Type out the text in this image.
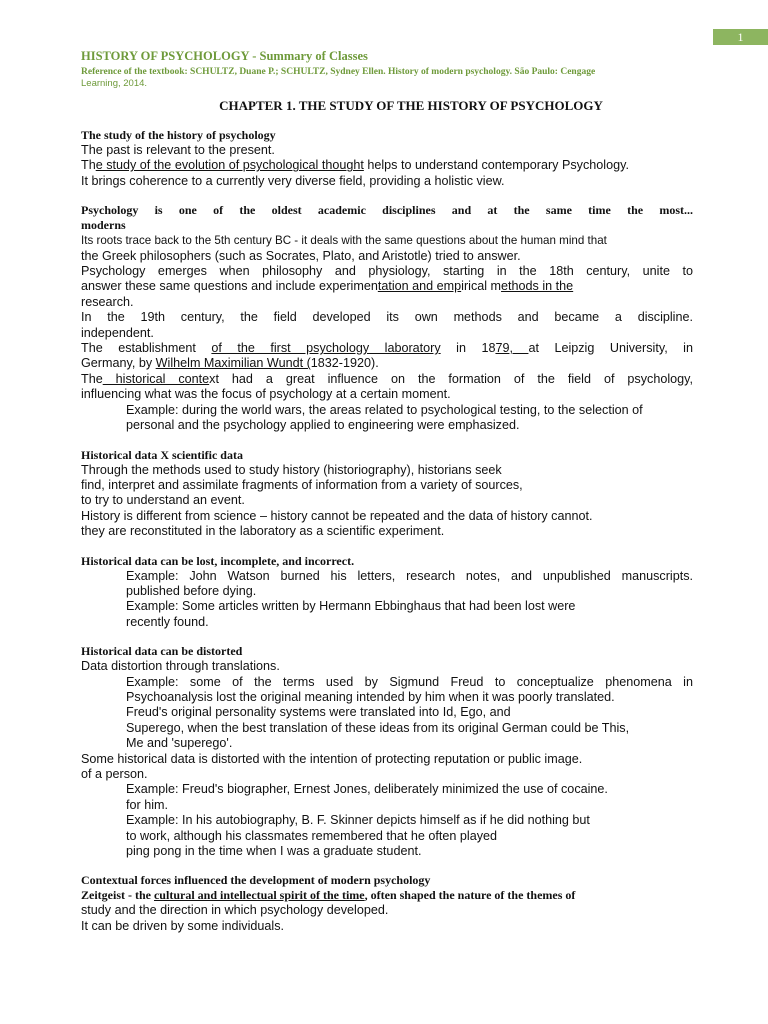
1
HISTORY OF PSYCHOLOGY - Summary of Classes
Reference of the textbook: SCHULTZ, Duane P.; SCHULTZ, Sydney Ellen. History of modern psychology. São Paulo: Cengage
Learning, 2014.
CHAPTER 1. THE STUDY OF THE HISTORY OF PSYCHOLOGY
The study of the history of psychology
The past is relevant to the present.
The study of the evolution of psychological thought helps to understand contemporary Psychology.
It brings coherence to a currently very diverse field, providing a holistic view.
Psychology is one of the oldest academic disciplines and at the same time the most...
moderns
Its roots trace back to the 5th century BC - it deals with the same questions about the human mind that
the Greek philosophers (such as Socrates, Plato, and Aristotle) tried to answer.
Psychology emerges when philosophy and physiology, starting in the 18th century, unite to
answer these same questions and include experimentation and empirical methods in the
research.
In the 19th century, the field developed its own methods and became a discipline.
independent.
The establishment of the first psychology laboratory in 1879, at Leipzig University, in
Germany, by Wilhelm Maximilian Wundt (1832-1920).
The historical context had a great influence on the formation of the field of psychology,
influencing what was the focus of psychology at a certain moment.
Example: during the world wars, the areas related to psychological testing, to the selection of
personal and the psychology applied to engineering were emphasized.
Historical data X scientific data
Through the methods used to study history (historiography), historians seek
find, interpret and assimilate fragments of information from a variety of sources,
to try to understand an event.
History is different from science – history cannot be repeated and the data of history cannot.
they are reconstituted in the laboratory as a scientific experiment.
Historical data can be lost, incomplete, and incorrect.
Example: John Watson burned his letters, research notes, and unpublished manuscripts.
published before dying.
Example: Some articles written by Hermann Ebbinghaus that had been lost were
recently found.
Historical data can be distorted
Data distortion through translations.
Example: some of the terms used by Sigmund Freud to conceptualize phenomena in
Psychoanalysis lost the original meaning intended by him when it was poorly translated.
Freud's original personality systems were translated into Id, Ego, and
Superego, when the best translation of these ideas from its original German could be This,
Me and 'superego'.
Some historical data is distorted with the intention of protecting reputation or public image.
of a person.
Example: Freud's biographer, Ernest Jones, deliberately minimized the use of cocaine.
for him.
Example: In his autobiography, B. F. Skinner depicts himself as if he did nothing but
to work, although his classmates remembered that he often played
ping pong in the time when I was a graduate student.
Contextual forces influenced the development of modern psychology
Zeitgeist - the cultural and intellectual spirit of the time, often shaped the nature of the themes of
study and the direction in which psychology developed.
It can be driven by some individuals.
